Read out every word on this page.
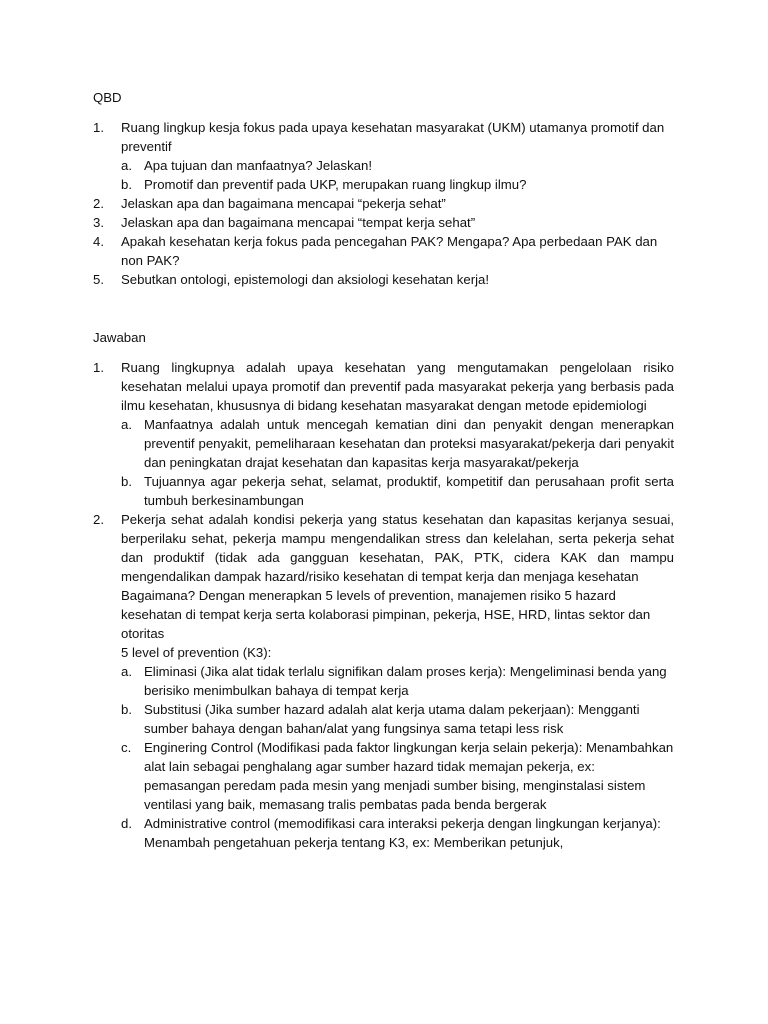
QBD
1.	Ruang lingkup kesja fokus pada upaya kesehatan masyarakat (UKM) utamanya promotif dan preventif
a. Apa tujuan dan manfaatnya? Jelaskan!
b. Promotif dan preventif pada UKP, merupakan ruang lingkup ilmu?
2.	Jelaskan apa dan bagaimana mencapai “pekerja sehat”
3.	Jelaskan apa dan bagaimana mencapai “tempat kerja sehat”
4.	Apakah kesehatan kerja fokus pada pencegahan PAK? Mengapa? Apa perbedaan PAK dan non PAK?
5.	Sebutkan ontologi, epistemologi dan aksiologi kesehatan kerja!
Jawaban
1.	Ruang lingkupnya adalah upaya kesehatan yang mengutamakan pengelolaan risiko kesehatan melalui upaya promotif dan preventif pada masyarakat pekerja yang berbasis pada ilmu kesehatan, khususnya di bidang kesehatan masyarakat dengan metode epidemiologi
a. Manfaatnya adalah untuk mencegah kematian dini dan penyakit dengan menerapkan preventif penyakit, pemeliharaan kesehatan dan proteksi masyarakat/pekerja dari penyakit dan peningkatan drajat kesehatan dan kapasitas kerja masyarakat/pekerja
b. Tujuannya agar pekerja sehat, selamat, produktif, kompetitif dan perusahaan profit serta tumbuh berkesinambungan
2.	Pekerja sehat adalah kondisi pekerja yang status kesehatan dan kapasitas kerjanya sesuai, berperilaku sehat, pekerja mampu mengendalikan stress dan kelelahan, serta pekerja sehat dan produktif (tidak ada gangguan kesehatan, PAK, PTK, cidera KAK dan mampu mengendalikan dampak hazard/risiko kesehatan di tempat kerja dan menjaga kesehatan
Bagaimana? Dengan menerapkan 5 levels of prevention, manajemen risiko 5 hazard kesehatan di tempat kerja serta kolaborasi pimpinan, pekerja, HSE, HRD, lintas sektor dan otoritas
5 level of prevention (K3):
a. Eliminasi (Jika alat tidak terlalu signifikan dalam proses kerja): Mengeliminasi benda yang berisiko menimbulkan bahaya di tempat kerja
b. Substitusi (Jika sumber hazard adalah alat kerja utama dalam pekerjaan): Mengganti sumber bahaya dengan bahan/alat yang fungsinya sama tetapi less risk
c. Enginering Control (Modifikasi pada faktor lingkungan kerja selain pekerja): Menambahkan alat lain sebagai penghalang agar sumber hazard tidak memajan pekerja, ex: pemasangan peredam pada mesin yang menjadi sumber bising, menginstalasi sistem ventilasi yang baik, memasang tralis pembatas pada benda bergerak
d. Administrative control (memodifikasi cara interaksi pekerja dengan lingkungan kerjanya): Menambah pengetahuan pekerja tentang K3, ex: Memberikan petunjuk,
